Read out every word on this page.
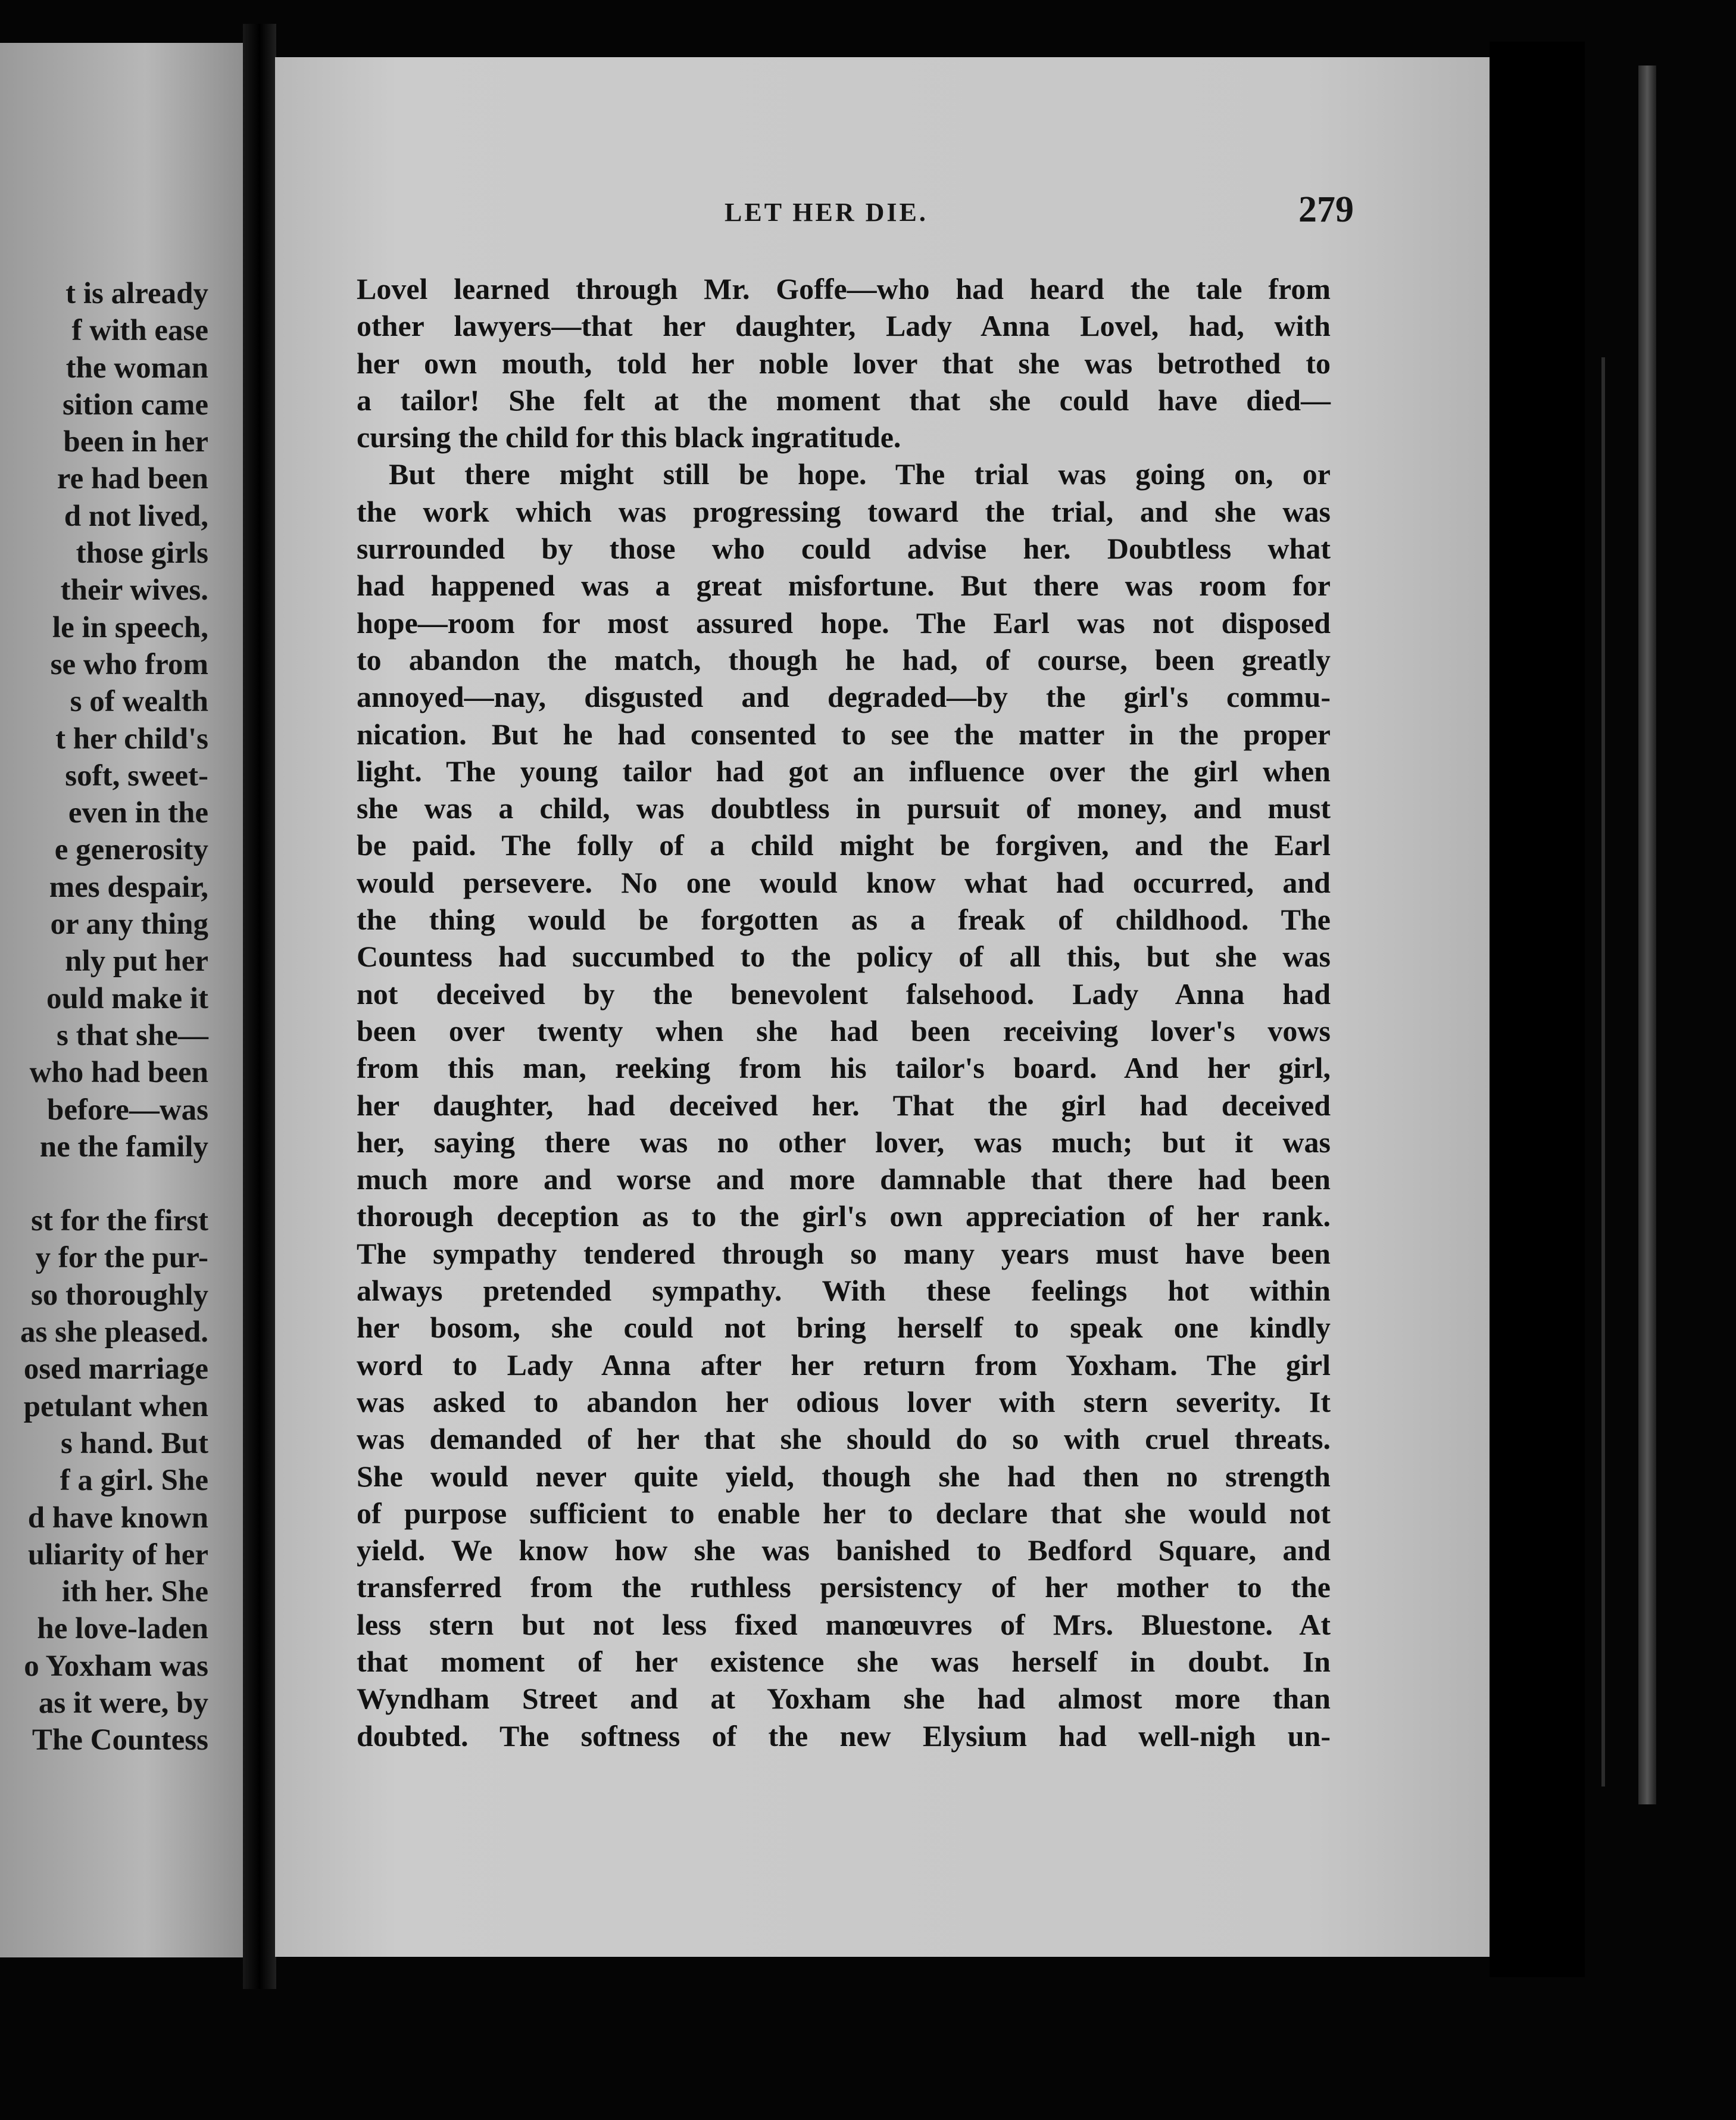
t is already
f with ease
the woman
sition came
been in her
re had been
d not lived,
those girls
their wives.
le in speech,
se who from
s of wealth
t her child's
soft, sweet-
even in the
e generosity
mes despair,
or any thing
nly put her
ould make it
s that she—
who had been
before—was
ne the family
st for the first
y for the pur-
so thoroughly
as she pleased.
osed marriage
petulant when
s hand. But
f a girl. She
d have known
uliarity of her
ith her. She
he love-laden
o Yoxham was
as it were, by
The Countess
LET HER DIE.	279
Lovel learned through Mr. Goffe—who had heard the tale from
other lawyers—that her daughter, Lady Anna Lovel, had, with
her own mouth, told her noble lover that she was betrothed to
a tailor! She felt at the moment that she could have died—
cursing the child for this black ingratitude.
But there might still be hope. The trial was going on, or
the work which was progressing toward the trial, and she was
surrounded by those who could advise her. Doubtless what
had happened was a great misfortune. But there was room for
hope—room for most assured hope. The Earl was not disposed
to abandon the match, though he had, of course, been greatly
annoyed—nay, disgusted and degraded—by the girl's commu-
nication. But he had consented to see the matter in the proper
light. The young tailor had got an influence over the girl when
she was a child, was doubtless in pursuit of money, and must
be paid. The folly of a child might be forgiven, and the Earl
would persevere. No one would know what had occurred, and
the thing would be forgotten as a freak of childhood. The
Countess had succumbed to the policy of all this, but she was
not deceived by the benevolent falsehood. Lady Anna had
been over twenty when she had been receiving lover's vows
from this man, reeking from his tailor's board. And her girl,
her daughter, had deceived her. That the girl had deceived
her, saying there was no other lover, was much; but it was
much more and worse and more damnable that there had been
thorough deception as to the girl's own appreciation of her rank.
The sympathy tendered through so many years must have been
always pretended sympathy. With these feelings hot within
her bosom, she could not bring herself to speak one kindly
word to Lady Anna after her return from Yoxham. The girl
was asked to abandon her odious lover with stern severity. It
was demanded of her that she should do so with cruel threats.
She would never quite yield, though she had then no strength
of purpose sufficient to enable her to declare that she would not
yield. We know how she was banished to Bedford Square, and
transferred from the ruthless persistency of her mother to the
less stern but not less fixed manœuvres of Mrs. Bluestone. At
that moment of her existence she was herself in doubt. In
Wyndham Street and at Yoxham she had almost more than
doubted. The softness of the new Elysium had well-nigh un-
